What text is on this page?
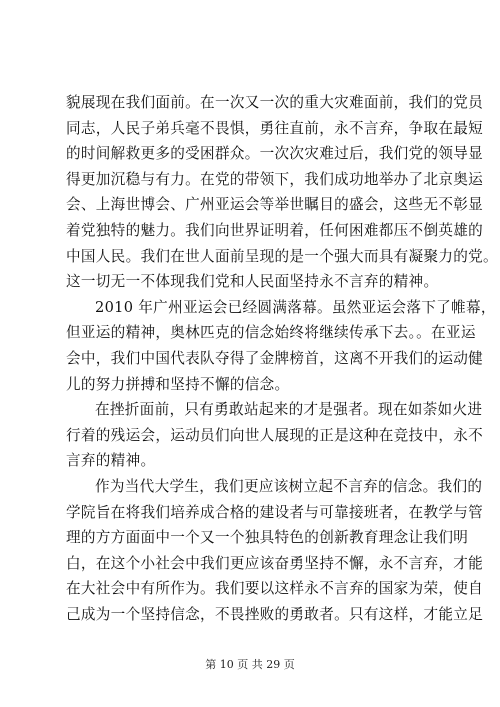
貌展现在我们面前。在一次又一次的重大灾难面前，我们的党员
同志，人民子弟兵毫不畏惧，勇往直前，永不言弃，争取在最短
的时间解救更多的受困群众。一次次灾难过后，我们党的领导显
得更加沉稳与有力。在党的带领下，我们成功地举办了北京奥运
会、上海世博会、广州亚运会等举世瞩目的盛会，这些无不彰显
着党独特的魅力。我们向世界证明着，任何困难都压不倒英雄的
中国人民。我们在世人面前呈现的是一个强大而具有凝聚力的党。
这一切无一不体现我们党和人民面坚持永不言弃的精神。
2010 年广州亚运会已经圆满落幕。虽然亚运会落下了帷幕，
但亚运的精神，奥林匹克的信念始终将继续传承下去。。在亚运
会中，我们中国代表队夺得了金牌榜首，这离不开我们的运动健
儿的努力拼搏和坚持不懈的信念。
在挫折面前，只有勇敢站起来的才是强者。现在如荼如火进
行着的残运会，运动员们向世人展现的正是这种在竞技中，永不
言弃的精神。
作为当代大学生，我们更应该树立起不言弃的信念。我们的
学院旨在将我们培养成合格的建设者与可靠接班者，在教学与管
理的方方面面中一个又一个独具特色的创新教育理念让我们明
白，在这个小社会中我们更应该奋勇坚持不懈，永不言弃，才能
在大社会中有所作为。我们要以这样永不言弃的国家为荣，使自
己成为一个坚持信念，不畏挫败的勇敢者。只有这样，才能立足
第 10 页 共 29 页
